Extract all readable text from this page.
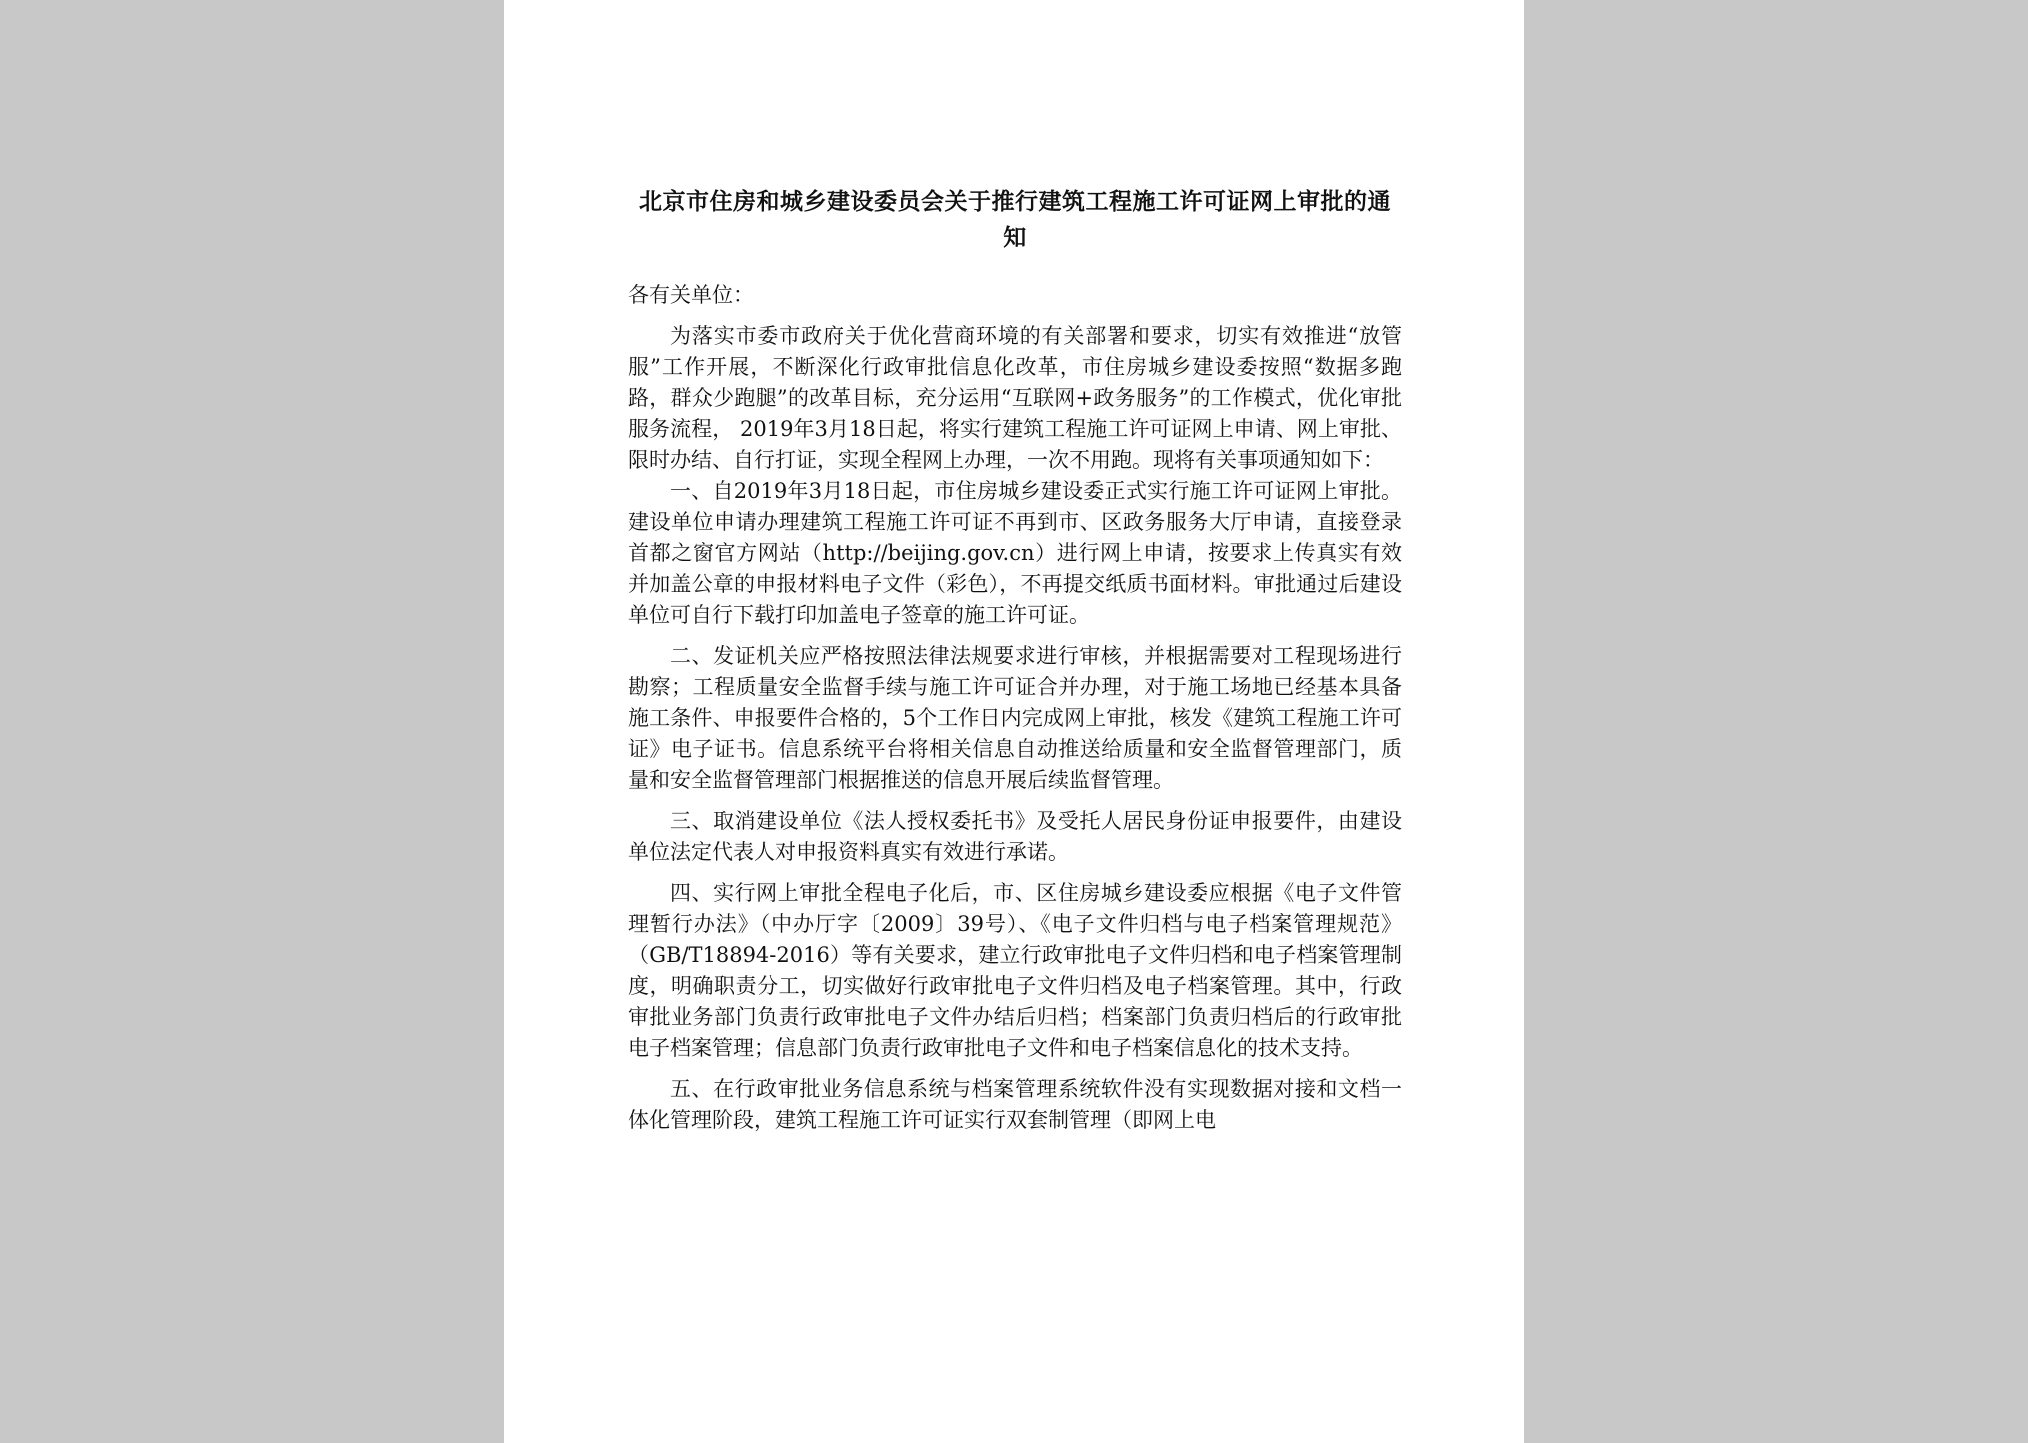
北京市住房和城乡建设委员会关于推行建筑工程施工许可证网上审批的通知

各有关单位：

为落实市委市政府关于优化营商环境的有关部署和要求，切实有效推进“放管服”工作开展，不断深化行政审批信息化改革，市住房城乡建设委按照“数据多跑路，群众少跑腿”的改革目标，充分运用“互联网+政务服务”的工作模式，优化审批服务流程， 2019年3月18日起，将实行建筑工程施工许可证网上申请、网上审批、限时办结、自行打证，实现全程网上办理，一次不用跑。现将有关事项通知如下：

一、自2019年3月18日起，市住房城乡建设委正式实行施工许可证网上审批。建设单位申请办理建筑工程施工许可证不再到市、区政务服务大厅申请，直接登录首都之窗官方网站（http://beijing.gov.cn）进行网上申请，按要求上传真实有效并加盖公章的申报材料电子文件（彩色），不再提交纸质书面材料。审批通过后建设单位可自行下载打印加盖电子签章的施工许可证。

二、发证机关应严格按照法律法规要求进行审核，并根据需要对工程现场进行勘察；工程质量安全监督手续与施工许可证合并办理，对于施工场地已经基本具备施工条件、申报要件合格的，5个工作日内完成网上审批，核发《建筑工程施工许可证》电子证书。信息系统平台将相关信息自动推送给质量和安全监督管理部门，质量和安全监督管理部门根据推送的信息开展后续监督管理。

三、取消建设单位《法人授权委托书》及受托人居民身份证申报要件，由建设单位法定代表人对申报资料真实有效进行承诺。

四、实行网上审批全程电子化后，市、区住房城乡建设委应根据《电子文件管理暂行办法》（中办厅字〔2009〕39号）、《电子文件归档与电子档案管理规范》（GB/T18894-2016）等有关要求，建立行政审批电子文件归档和电子档案管理制度，明确职责分工，切实做好行政审批电子文件归档及电子档案管理。其中，行政审批业务部门负责行政审批电子文件办结后归档；档案部门负责归档后的行政审批电子档案管理；信息部门负责行政审批电子文件和电子档案信息化的技术支持。

五、在行政审批业务信息系统与档案管理系统软件没有实现数据对接和文档一体化管理阶段，建筑工程施工许可证实行双套制管理（即网上电
